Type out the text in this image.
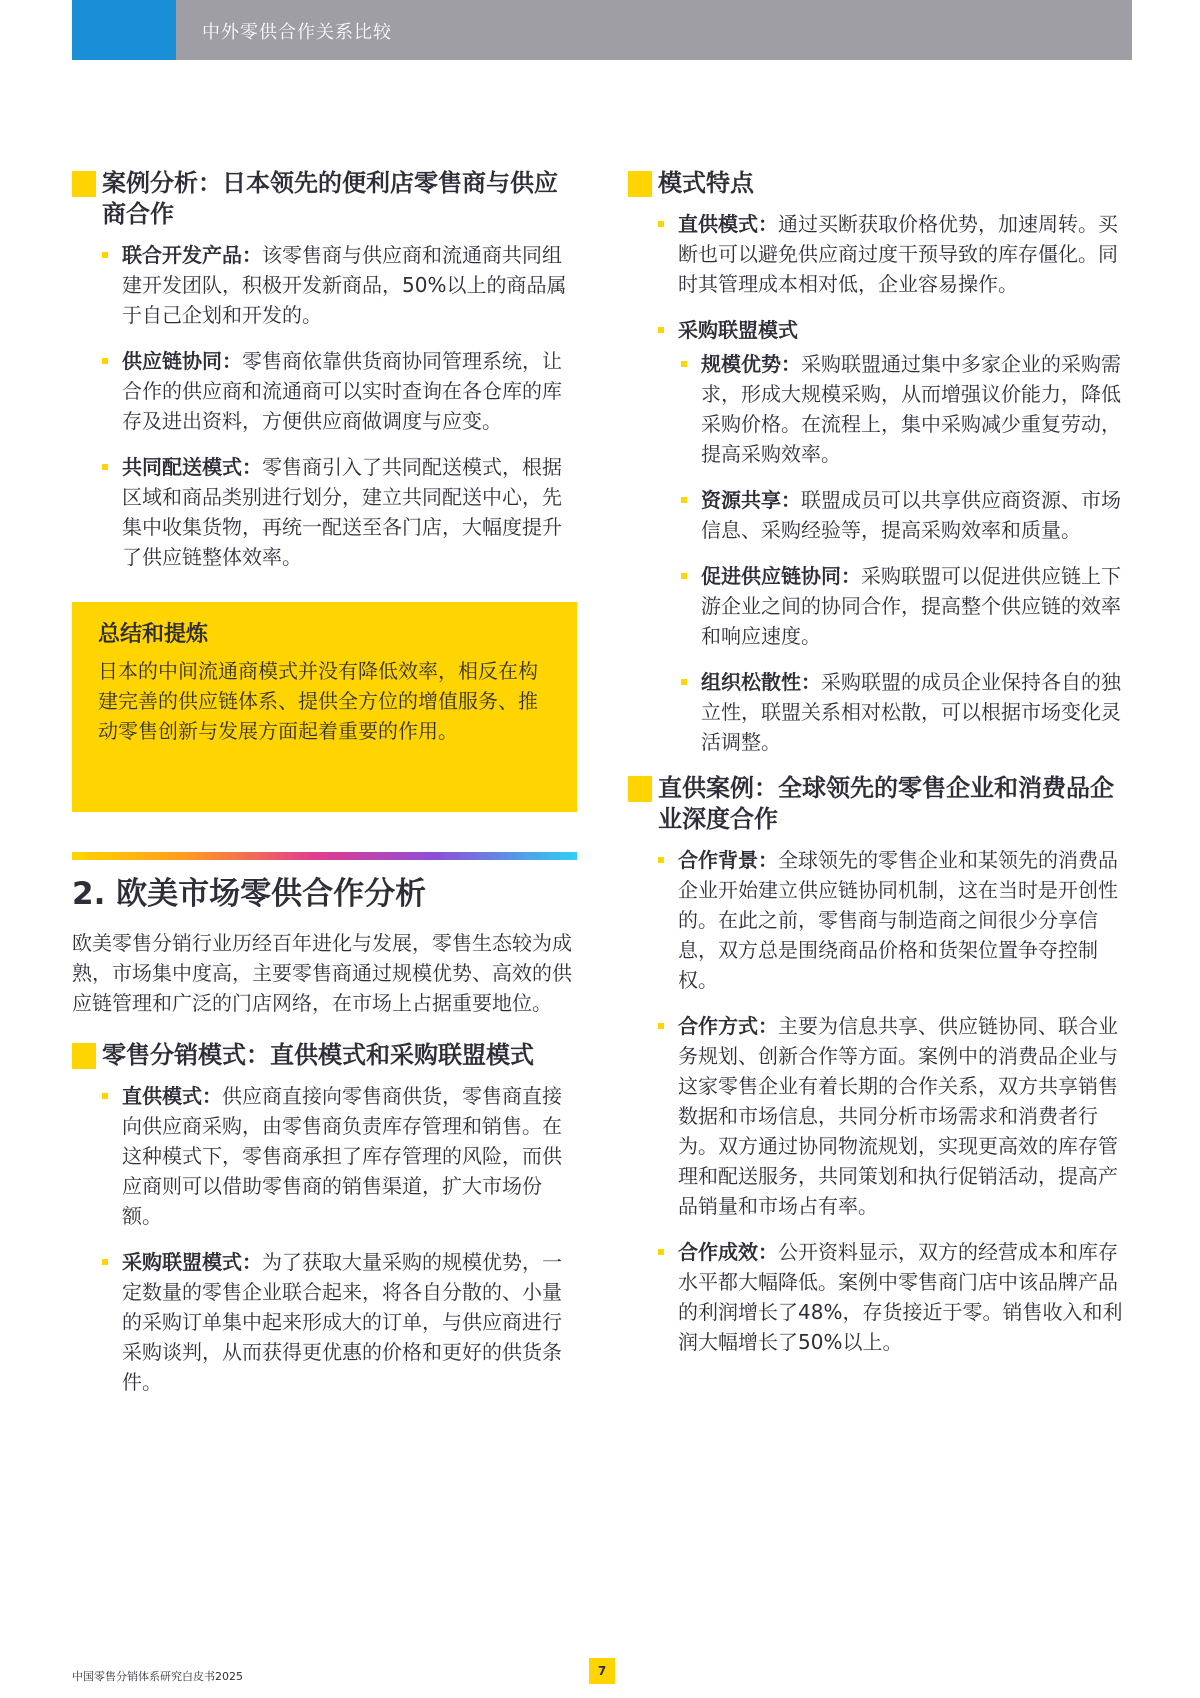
中外零供合作关系比较
案例分析：日本领先的便利店零售商与供应商合作
联合开发产品：该零售商与供应商和流通商共同组建开发团队，积极开发新商品，50%以上的商品属于自己企划和开发的。
供应链协同：零售商依靠供货商协同管理系统，让合作的供应商和流通商可以实时查询在各仓库的库存及进出资料，方便供应商做调度与应变。
共同配送模式：零售商引入了共同配送模式，根据区域和商品类别进行划分，建立共同配送中心，先集中收集货物，再统一配送至各门店，大幅度提升了供应链整体效率。
总结和提炼
日本的中间流通商模式并没有降低效率，相反在构建完善的供应链体系、提供全方位的增值服务、推动零售创新与发展方面起着重要的作用。
2. 欧美市场零供合作分析

欧美零售分销行业历经百年进化与发展，零售生态较为成熟，市场集中度高，主要零售商通过规模优势、高效的供应链管理和广泛的门店网络，在市场上占据重要地位。

零售分销模式：直供模式和采购联盟模式
直供模式：供应商直接向零售商供货，零售商直接向供应商采购，由零售商负责库存管理和销售。在这种模式下，零售商承担了库存管理的风险，而供应商则可以借助零售商的销售渠道，扩大市场份额。
采购联盟模式：为了获取大量采购的规模优势，一定数量的零售企业联合起来，将各自分散的、小量的采购订单集中起来形成大的订单，与供应商进行采购谈判，从而获得更优惠的价格和更好的供货条件。
模式特点
直供模式：通过买断获取价格优势，加速周转。买断也可以避免供应商过度干预导致的库存僵化。同时其管理成本相对低，企业容易操作。
采购联盟模式
规模优势：采购联盟通过集中多家企业的采购需求，形成大规模采购，从而增强议价能力，降低采购价格。在流程上，集中采购减少重复劳动，提高采购效率。
资源共享：联盟成员可以共享供应商资源、市场信息、采购经验等，提高采购效率和质量。
促进供应链协同：采购联盟可以促进供应链上下游企业之间的协同合作，提高整个供应链的效率和响应速度。
组织松散性：采购联盟的成员企业保持各自的独立性，联盟关系相对松散，可以根据市场变化灵活调整。
直供案例：全球领先的零售企业和消费品企业深度合作
合作背景：全球领先的零售企业和某领先的消费品企业开始建立供应链协同机制，这在当时是开创性的。在此之前，零售商与制造商之间很少分享信息，双方总是围绕商品价格和货架位置争夺控制权。
合作方式：主要为信息共享、供应链协同、联合业务规划、创新合作等方面。案例中的消费品企业与这家零售企业有着长期的合作关系，双方共享销售数据和市场信息，共同分析市场需求和消费者行为。双方通过协同物流规划，实现更高效的库存管理和配送服务，共同策划和执行促销活动，提高产品销量和市场占有率。
合作成效：公开资料显示，双方的经营成本和库存水平都大幅降低。案例中零售商门店中该品牌产品的利润增长了48%，存货接近于零。销售收入和利润大幅增长了50%以上。
中国零售分销体系研究白皮书2025	7
